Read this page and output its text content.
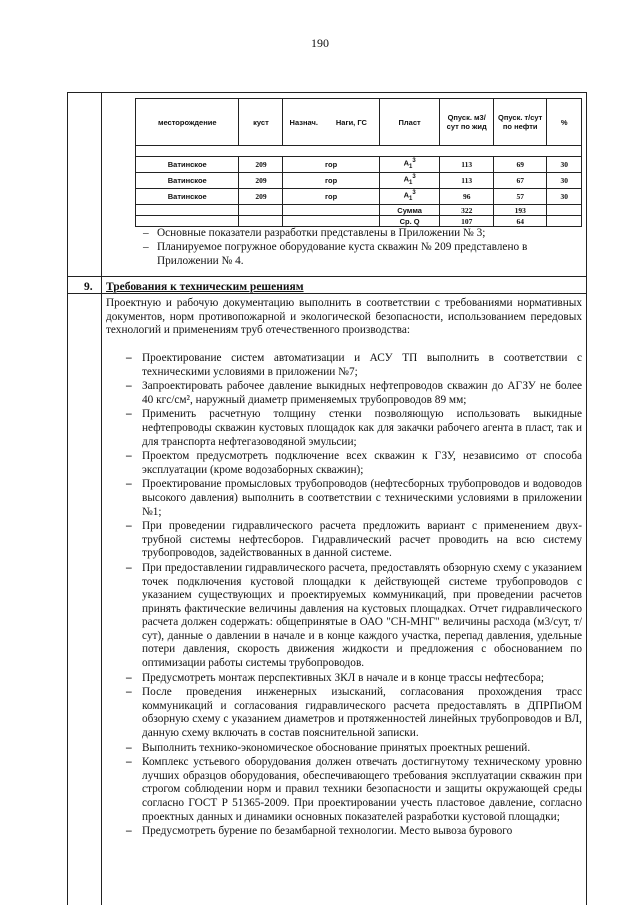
190
месторождение	куст	Назнач.	Наги, ГС	Пласт	Qпуск. м3/сут по жид	Qпуск. т/сут по нефти	%

Ватинское	209	гор		$А_1^3$	113	69	30
Ватинское	209	гор		$А_1^3$	113	67	30
Ватинское	209	гор		$А_1^3$	96	57	30
				Сумма	322	193	
				Ср. Q	107	64	
– Основные показатели разработки представлены в Приложении № 3;
– Планируемое погружное оборудование куста скважин № 209 представлено в Приложении № 4.
9. Требования к техническим решениям
Проектную и рабочую документацию выполнить в соответствии с требованиями нормативных документов, норм противопожарной и экологической безопасности, использованием передовых технологий и применениям труб отечественного производства:
– Проектирование систем автоматизации и АСУ ТП выполнить в соответствии с техническими условиями в приложении №7;
– Запроектировать рабочее давление выкидных нефтепроводов скважин до АГЗУ не более 40 кгс/см², наружный диаметр применяемых трубопроводов 89 мм;
– Применить расчетную толщину стенки позволяющую использовать выкидные нефтепроводы скважин кустовых площадок как для закачки рабочего агента в пласт, так и для транспорта нефтегазоводяной эмульсии;
– Проектом предусмотреть подключение всех скважин к ГЗУ, независимо от способа эксплуатации (кроме водозаборных скважин);
– Проектирование промысловых трубопроводов (нефтесборных трубопроводов и водоводов высокого давления) выполнить в соответствии с техническими условиями в приложении №1;
– При проведении гидравлического расчета предложить вариант с применением двух-трубной системы нефтесборов. Гидравлический расчет проводить на всю систему трубопроводов, задействованных в данной системе.
– При предоставлении гидравлического расчета, предоставлять обзорную схему с указанием точек подключения кустовой площадки к действующей системе трубопроводов с указанием существующих и проектируемых коммуникаций, при проведении расчетов принять фактические величины давления на кустовых площадках. Отчет гидравлического расчета должен содержать: общепринятые в ОАО "СН-МНГ" величины расхода (м3/сут, т/сут), данные о давлении в начале и в конце каждого участка, перепад давления, удельные потери давления, скорость движения жидкости и предложения с обоснованием по оптимизации работы системы трубопроводов.
– Предусмотреть монтаж перспективных ЗКЛ в начале и в конце трассы нефтесбора;
– После проведения инженерных изысканий, согласования прохождения трасс коммуникаций и согласования гидравлического расчета предоставлять в ДПРПиОМ обзорную схему с указанием диаметров и протяженностей линейных трубопроводов и ВЛ, данную схему включать в состав пояснительной записки.
– Выполнить технико-экономическое обоснование принятых проектных решений.
– Комплекс устьевого оборудования должен отвечать достигнутому техническому уровню лучших образцов оборудования, обеспечивающего требования эксплуатации скважин при строгом соблюдении норм и правил техники безопасности и защиты окружающей среды согласно ГОСТ Р 51365-2009. При проектировании учесть пластовое давление, согласно проектных данных и динамики основных показателей разработки кустовой площадки;
– Предусмотреть бурение по безамбарной технологии. Место вывоза бурового
